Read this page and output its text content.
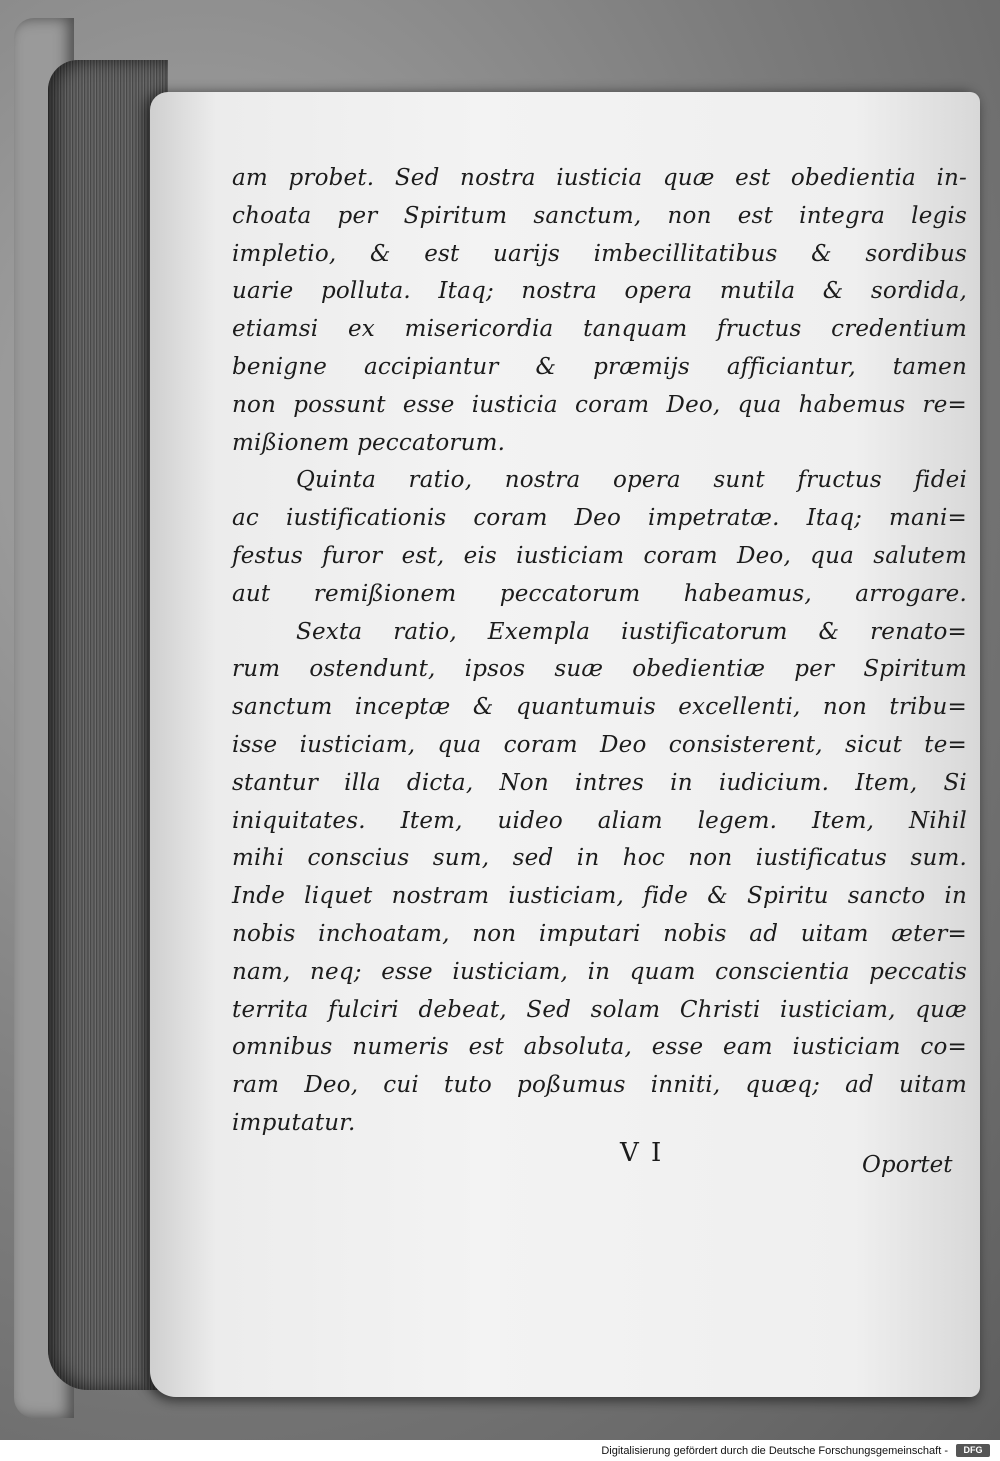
am probet. Sed nostra iusticia quæ est obedientia in-
choata per Spiritum sanctum, non est integra legis
impletio, & est uarijs imbecillitatibus & sordibus
uarie polluta. Itaq; nostra opera mutila & sordida,
etiamsi ex misericordia tanquam fructus credentium
benigne accipiantur & præmijs afficiantur, tamen
non possunt esse iusticia coram Deo, qua habemus re=
mißionem peccatorum.
Quinta ratio, nostra opera sunt fructus fidei
ac iustificationis coram Deo impetratæ. Itaq; mani=
festus furor est, eis iusticiam coram Deo, qua salutem
aut remißionem peccatorum habeamus, arrogare.
Sexta ratio, Exempla iustificatorum & renato=
rum ostendunt, ipsos suæ obedientiæ per Spiritum
sanctum inceptæ & quantumuis excellenti, non tribu=
isse iusticiam, qua coram Deo consisterent, sicut te=
stantur illa dicta, Non intres in iudicium. Item, Si
iniquitates. Item, uideo aliam legem. Item, Nihil
mihi conscius sum, sed in hoc non iustificatus sum.
Inde liquet nostram iusticiam, fide & Spiritu sancto in
nobis inchoatam, non imputari nobis ad uitam æter=
nam, neq; esse iusticiam, in quam conscientia peccatis
territa fulciri debeat, Sed solam Christi iusticiam, quæ
omnibus numeris est absoluta, esse eam iusticiam co=
ram Deo, cui tuto poßumus inniti, quæq; ad uitam
imputatur.
V I	Oportet
Digitalisierung gefördert durch die Deutsche Forschungsgemeinschaft -	DFG
